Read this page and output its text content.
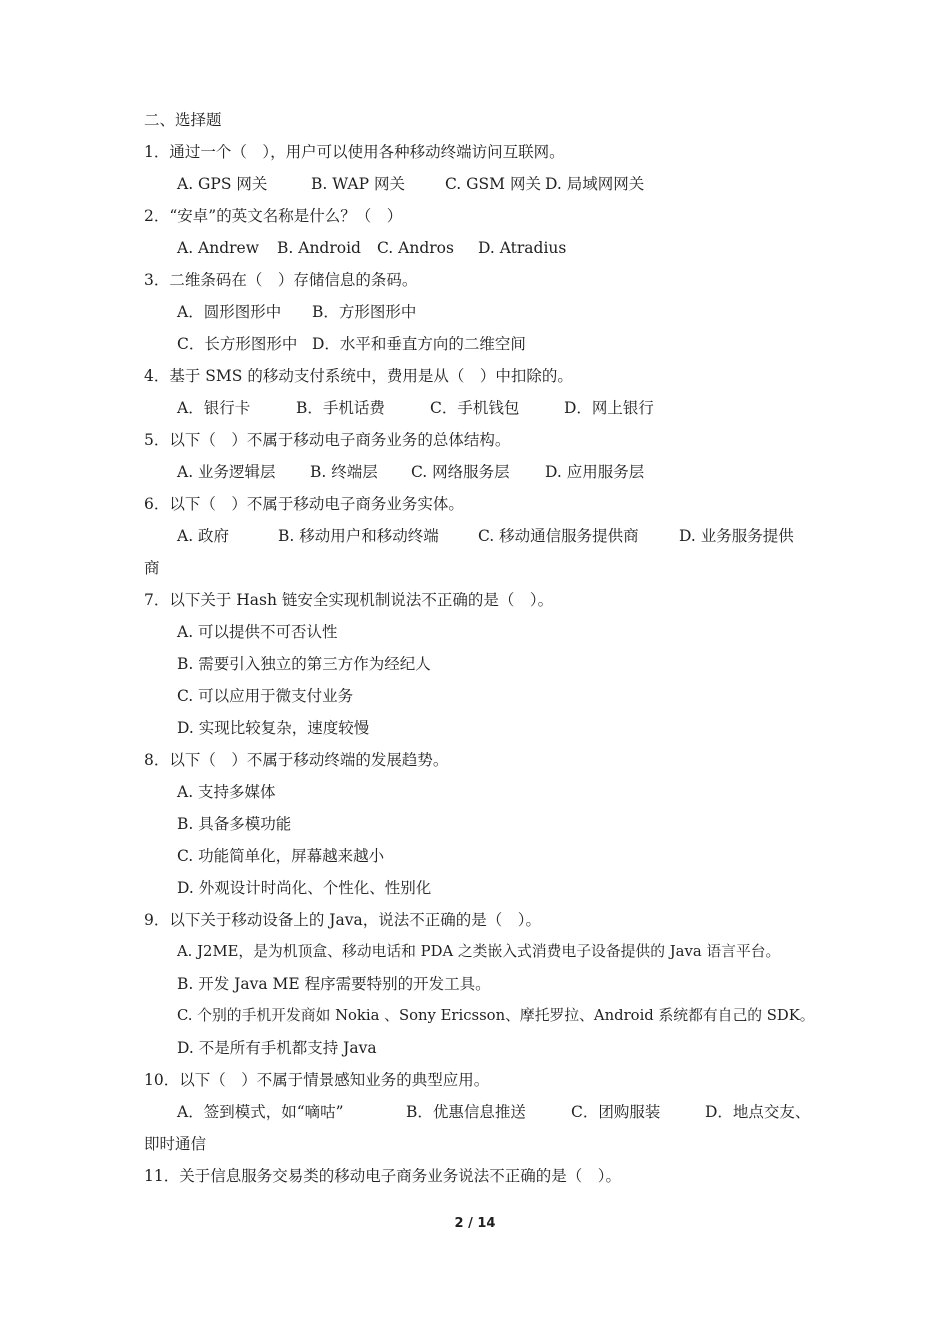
二、选择题
1．通过一个（　），用户可以使用各种移动终端访问互联网。
A. GPS 网关	B. WAP 网关	C. GSM 网关 D. 局域网网关
2．“安卓”的英文名称是什么？（　）
A. Andrew	B. Android	C. Andros	D. Atradius
3．二维条码在（　）存储信息的条码。
A．圆形图形中	B．方形图形中
C．长方形图形中 D．水平和垂直方向的二维空间
4．基于 SMS 的移动支付系统中，费用是从（　）中扣除的。
A．银行卡	B．手机话费	C．手机钱包	D．网上银行
5．以下（　）不属于移动电子商务业务的总体结构。
A. 业务逻辑层	B. 终端层	C. 网络服务层	D. 应用服务层
6．以下（　）不属于移动电子商务业务实体。
A. 政府	B. 移动用户和移动终端	C. 移动通信服务提供商	D. 业务服务提供
商
7．以下关于 Hash 链安全实现机制说法不正确的是（　）。
A. 可以提供不可否认性
B. 需要引入独立的第三方作为经纪人
C. 可以应用于微支付业务
D. 实现比较复杂，速度较慢
8．以下（　）不属于移动终端的发展趋势。
A. 支持多媒体
B. 具备多模功能
C. 功能简单化，屏幕越来越小
D. 外观设计时尚化、个性化、性别化
9．以下关于移动设备上的 Java，说法不正确的是（　）。
A. J2ME，是为机顶盒、移动电话和 PDA 之类嵌入式消费电子设备提供的 Java 语言平台。
B. 开发 Java ME 程序需要特别的开发工具。
C. 个别的手机开发商如 Nokia 、Sony Ericsson、摩托罗拉、Android 系统都有自己的 SDK。
D. 不是所有手机都支持 Java
10．以下（　）不属于情景感知业务的典型应用。
A．签到模式，如“嘀咕”	B．优惠信息推送	C．团购服装	D．地点交友、
即时通信
11．关于信息服务交易类的移动电子商务业务说法不正确的是（　）。
2 / 14
